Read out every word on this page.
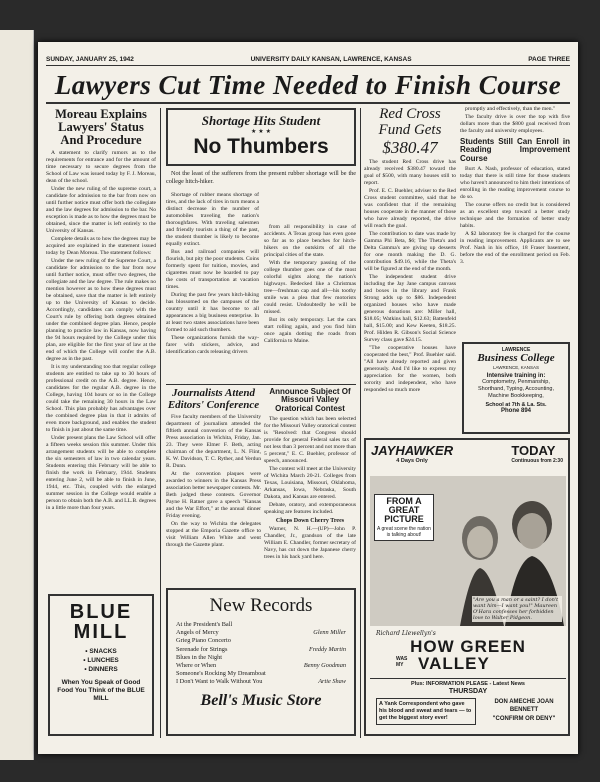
SUNDAY, JANUARY 25, 1942	UNIVERSITY DAILY KANSAN, LAWRENCE, KANSAS	PAGE THREE
Lawyers Cut Time Needed to Finish Course
Moreau Explains Lawyers' Status And Procedure

A statement to clarify rumors as to the requirements for entrance and for the amount of time necessary to secure degrees from the School of Law was issued today by F. J. Moreau, dean of the school.

Under the new ruling of the supreme court, a candidate for admission to the bar from now on until further notice must offer both the collegiate and the law degrees for admission to the bar. No exception is made as to how the degrees must be obtained, since the matter is left entirely to the University of Kansas.

Complete details as to how the degrees may be acquired are explained in the statement issued today by Dean Moreau. The statement follows:

Under the new ruling of the Supreme Court, a candidate for admission to the bar from now until further notice, must offer two degrees, the collegiate and the law degree. The rule makes no mention however as to how these degrees must be obtained, save that the matter is left entirely up to the University of Kansas to decide. Accordingly, candidates can comply with the Court's rule by offering both degrees obtained under the combined degree plan. Hence, people planning to practice law in Kansas, now having the 94 hours required by the College under this plan, are eligible for the first year of law at the end of which the College will confer the A.B. degree as in the past.

It is my understanding too that regular college students are entitled to take up to 30 hours of professional credit on the A.B. degree. Hence, candidates for the regular A.B. degree in the College, having 104 hours or so in the College could take the remaining 30 hours in the Law School. This plan probably has advantages over the combined degree plan in that it admits of even more background, and enables the student to finish in just about the same time.

Under present plans the Law School will offer a fifteen weeks session this summer. Under this arrangement students will be able to complete the six semesters of law in two calendar years. Students entering this February will be able to finish the work in February, 1944. Students entering June 2, will be able to finish in June, 1944, etc. This, coupled with the enlarged summer session in the College would enable a person to obtain both the A.B. and LL.B. degrees in a little more than four years.

BLUE
MILL
• SNACKS
• LUNCHES
• DINNERS
When You Speak of Good Food You Think of the BLUE MILL
Shortage Hits Student
★ ★ ★
No Thumbers

Not the least of the sufferers from the present rubber shortage will be the college hitch-hiker.

Shortage of rubber means shortage of tires, and the lack of tires in turn means a distinct decrease in the number of automobiles traveling the nation's thoroughfares. With traveling salesmen and friendly tourists a thing of the past, the student thumber is likely to become equally extinct.

Bus and railroad companies will flourish, but pity the poor students. Coins formerly spent for tuition, movies, and cigarettes must now be hoarded to pay the costs of transportation at vacation times.

During the past few years hitch-hiking has blossomed on the campuses of the country until it has become to all appearances a big business enterprise. In at least two states associations have been formed to aid such thumbers.

These organizations furnish the way-farer with stickers, advice, and identification cards releasing drivers

from all responsibility in case of accidents. A Texas group has even gone so far as to place benches for hitch-hikers on the outskirts of all the principal cities of the state.

With the temporary passing of the college thumber goes one of the most colorful sights along the nation's highways. Bedecked like a Christmas tree—freshman cap and all—his toothy smile was a plea that few motorists could resist. Undoubtedly he will be missed.

But its only temporary. Let the cars start rolling again, and you find him once again dotting the roads from California to Maine.

Journalists Attend Editors' Conference

Five faculty members of the University department of journalism attended the fiftieth annual convention of the Kansas Press association in Wichita, Friday, Jan. 23. They were Elmer F. Beth, acting chairman of the department, L. N. Flint, K. W. Davidson, T. C. Ryther, and Verdun R. Dunn.

At the convention plaques were awarded to winners in the Kansas Press association better newspaper contests. Mr. Beth judged these contests. Governor Payne H. Ratner gave a speech "Kansas and the War Effort," at the annual dinner Friday evening.

On the way to Wichita the delegates stopped at the Emporia Gazette office to visit William Allen White and went through the Gazette plant.

Announce Subject Of Missouri Valley Oratorical Contest

The question which has been selected for the Missouri Valley oratorical contest is "Resolved: that Congress should provide for general Federal sales tax of not less than 3 percent and not more than 5 percent," E. C. Buehler, professor of speech, announced.

The contest will meet at the University of Wichita March 20-21. Colleges from Texas, Louisiana, Missouri, Oklahoma, Arkansas, Iowa, Nebraska, South Dakota, and Kansas are entered.

Debate, oratory, and extemporaneous speaking are features included.

Chops Down Cherry Trees

Warner, N. H.—(UP)—John P. Chandler, Jr., grandson of the late William E. Chandler, former secretary of Navy, has cut down the Japanese cherry trees in his back yard here.

New Records
At the President's Ball
Angels of Mercy	Glenn Miller
Grieg Piano Concerto
Serenade for Strings	Freddy Martin
Blues in the Night
Where or When	Benny Goodman
Someone's Rocking My Dreamboat
I Don't Want to Walk Without You	Artie Shaw
Bell's Music Store
Red Cross
Fund Gets
$380.47

The student Red Cross drive has already received $380.47 toward the goal of $500, with many houses still to report.

Prof. E. C. Buehler, adviser to the Red Cross student committee, said that he was confident that if the remaining houses cooperate in the manner of those who have already reported, the drive will reach the goal.

The contribution to date was made by Gamma Phi Beta, $6; The Theta's and Delta Gamma's are giving up desserts for one month making the D. G. contribution $49.16, while the Theta's will be figured at the end of the month.

The independent student drive including the Jay Jane campus canvass and boxes in the library and Frank Strong adds up to $86. Independent organized houses who have made generous donations are: Miller hall, $18.05; Watkins hall, $12.63; Battenfeld hall, $15.00; and Kew Keeten, $18.25. Prof. Hilden R. Gibson's Social Science Survey class gave $24.15.

"The cooperative houses have cooperated the best," Prof. Buehler said. "All have already reported and given generously. And I'd like to express my appreciation for the women, both sorority and independent, who have responded so much more

promptly and effectively, than the men."

The faculty drive is over the top with five dollars more than the $800 goal received from the faculty and university employees.

Students Still Can Enroll in Reading Improvement Course

Burt A. Nash, professor of education, stated today that there is still time for those students who haven't announced to him their intentions of enrolling in the reading improvement course to do so.

The course offers no credit but is considered as an excellent step toward a better study technique and the formation of better study habits.

A $2 laboratory fee is charged for the course in reading improvement. Applicants are to see Prof. Nash in his office, 18 Fraser basement, before the end of the enrollment period on Feb. 3.

LAWRENCE
Business College
LAWRENCE, KANSAS
Intensive training in:
Comptometry, Penmanship, Shorthand, Typing, Accounting, Machine Bookkeeping,
School at 7th & La. Sts.
Phone 894
JAYHAWKER
4 Days Only
TODAY
Continuous from 2:30
FROM A
GREAT
PICTURE
A great scene the nation is talking about!
"Are you a man or a saint? I don't want him—I want you!" Maureen O'Hara confesses her forbidden love to Walter Pidgeon.
Richard Llewellyn's
HOW GREEN
WAS
MY VALLEY
Plus: INFORMATION PLEASE - Latest News
THURSDAY
A Yank Correspondent who gave his blood and sweat and tears — to get the biggest story ever!
DON AMECHE JOAN BENNETT
"CONFIRM OR DENY"
